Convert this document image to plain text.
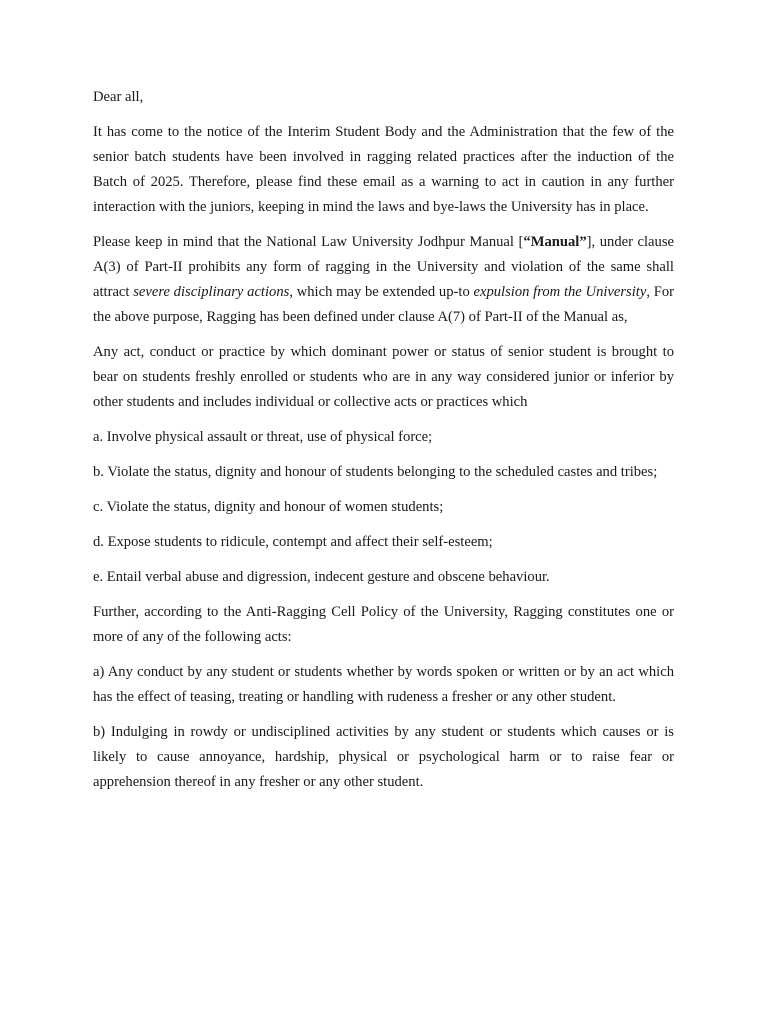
Dear all,

It has come to the notice of the Interim Student Body and the Administration that the few of the senior batch students have been involved in ragging related practices after the induction of the Batch of 2025. Therefore, please find these email as a warning to act in caution in any further interaction with the juniors, keeping in mind the laws and bye-laws the University has in place.

Please keep in mind that the National Law University Jodhpur Manual [“Manual”], under clause A(3) of Part-II prohibits any form of ragging in the University and violation of the same shall attract severe disciplinary actions, which may be extended up-to expulsion from the University, For the above purpose, Ragging has been defined under clause A(7) of Part-II of the Manual as,

Any act, conduct or practice by which dominant power or status of senior student is brought to bear on students freshly enrolled or students who are in any way considered junior or inferior by other students and includes individual or collective acts or practices which

a. Involve physical assault or threat, use of physical force;

b. Violate the status, dignity and honour of students belonging to the scheduled castes and tribes;

c. Violate the status, dignity and honour of women students;

d. Expose students to ridicule, contempt and affect their self-esteem;

e. Entail verbal abuse and digression, indecent gesture and obscene behaviour.

Further, according to the Anti-Ragging Cell Policy of the University, Ragging constitutes one or more of any of the following acts:

a) Any conduct by any student or students whether by words spoken or written or by an act which has the effect of teasing, treating or handling with rudeness a fresher or any other student.

b) Indulging in rowdy or undisciplined activities by any student or students which causes or is likely to cause annoyance, hardship, physical or psychological harm or to raise fear or apprehension thereof in any fresher or any other student.
